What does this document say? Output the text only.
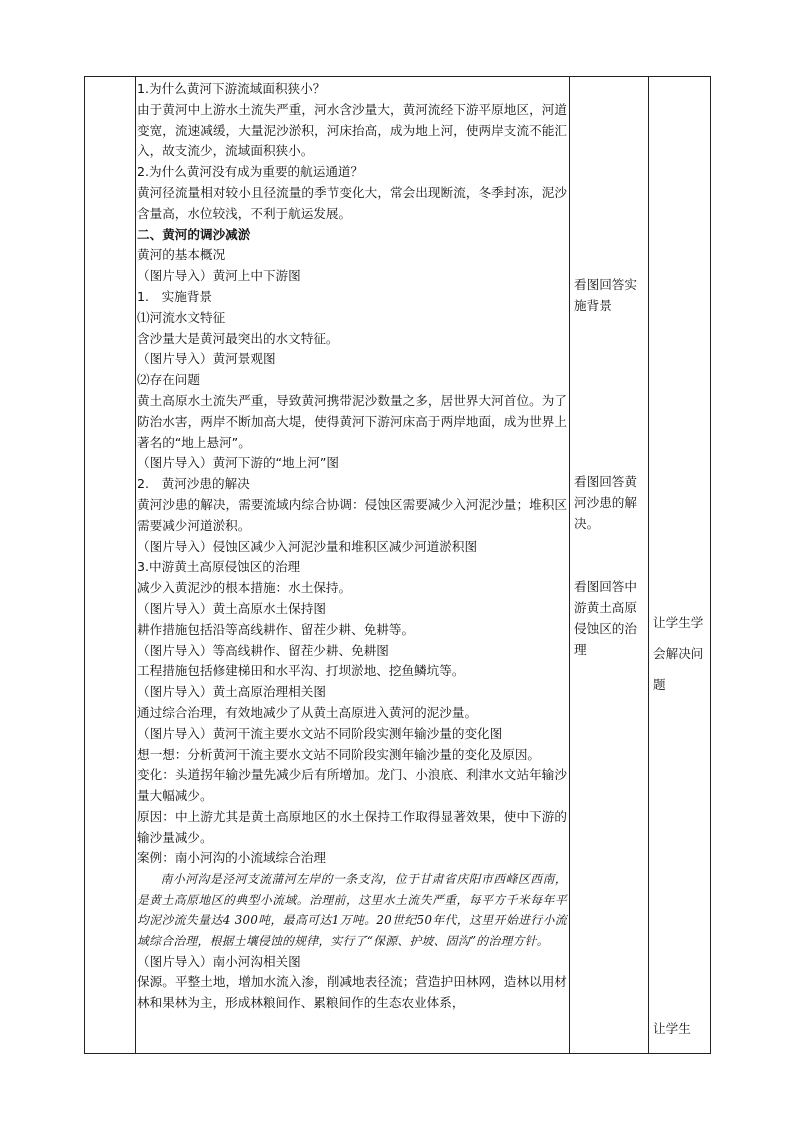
1.为什么黄河下游流域面积狭小？

由于黄河中上游水土流失严重，河水含沙量大，黄河流经下游平原地区，河道变宽，流速减缓，大量泥沙淤积，河床抬高，成为地上河，使两岸支流不能汇入，故支流少，流域面积狭小。

2.为什么黄河没有成为重要的航运通道？

黄河径流量相对较小且径流量的季节变化大，常会出现断流，冬季封冻，泥沙含量高，水位较浅，不利于航运发展。

二、黄河的调沙减淤

黄河的基本概况

（图片导入）黄河上中下游图

1.　实施背景

⑴河流水文特征

含沙量大是黄河最突出的水文特征。

（图片导入）黄河景观图

⑵存在问题

黄土高原水土流失严重，导致黄河携带泥沙数量之多，居世界大河首位。为了防治水害，两岸不断加高大堤，使得黄河下游河床高于两岸地面，成为世界上著名的“地上悬河”。

（图片导入）黄河下游的“地上河”图

2.　黄河沙患的解决

黄河沙患的解决，需要流域内综合协调：侵蚀区需要减少入河泥沙量；堆积区需要减少河道淤积。

（图片导入）侵蚀区减少入河泥沙量和堆积区减少河道淤积图

3.中游黄土高原侵蚀区的治理

减少入黄泥沙的根本措施：水土保持。

（图片导入）黄土高原水土保持图

耕作措施包括沿等高线耕作、留茬少耕、免耕等。

（图片导入）等高线耕作、留茬少耕、免耕图

工程措施包括修建梯田和水平沟、打坝淤地、挖鱼鳞坑等。

（图片导入）黄土高原治理相关图

通过综合治理，有效地减少了从黄土高原进入黄河的泥沙量。

（图片导入）黄河干流主要水文站不同阶段实测年输沙量的变化图

想一想：分析黄河干流主要水文站不同阶段实测年输沙量的变化及原因。

变化：头道拐年输沙量先减少后有所增加。龙门、小浪底、利津水文站年输沙量大幅减少。

原因：中上游尤其是黄土高原地区的水土保持工作取得显著效果，使中下游的输沙量减少。

案例：南小河沟的小流域综合治理

南小河沟是泾河支流蒲河左岸的一条支沟，位于甘肃省庆阳市西峰区西南，是黄土高原地区的典型小流域。治理前，这里水土流失严重，每平方千米每年平均泥沙流失量达4 300吨，最高可达1万吨。20世纪50年代，这里开始进行小流域综合治理，根据土壤侵蚀的规律，实行了“保源、护坡、固沟”的治理方针。

（图片导入）南小河沟相关图

保源。平整土地，增加水流入渗，削减地表径流；营造护田林网，造林以用材林和果林为主，形成林粮间作、累粮间作的生态农业体系，

看图回答实施背景

看图回答黄河沙患的解决。

看图回答中游黄土高原侵蚀区的治理

让学生学会解决问题

让学生
